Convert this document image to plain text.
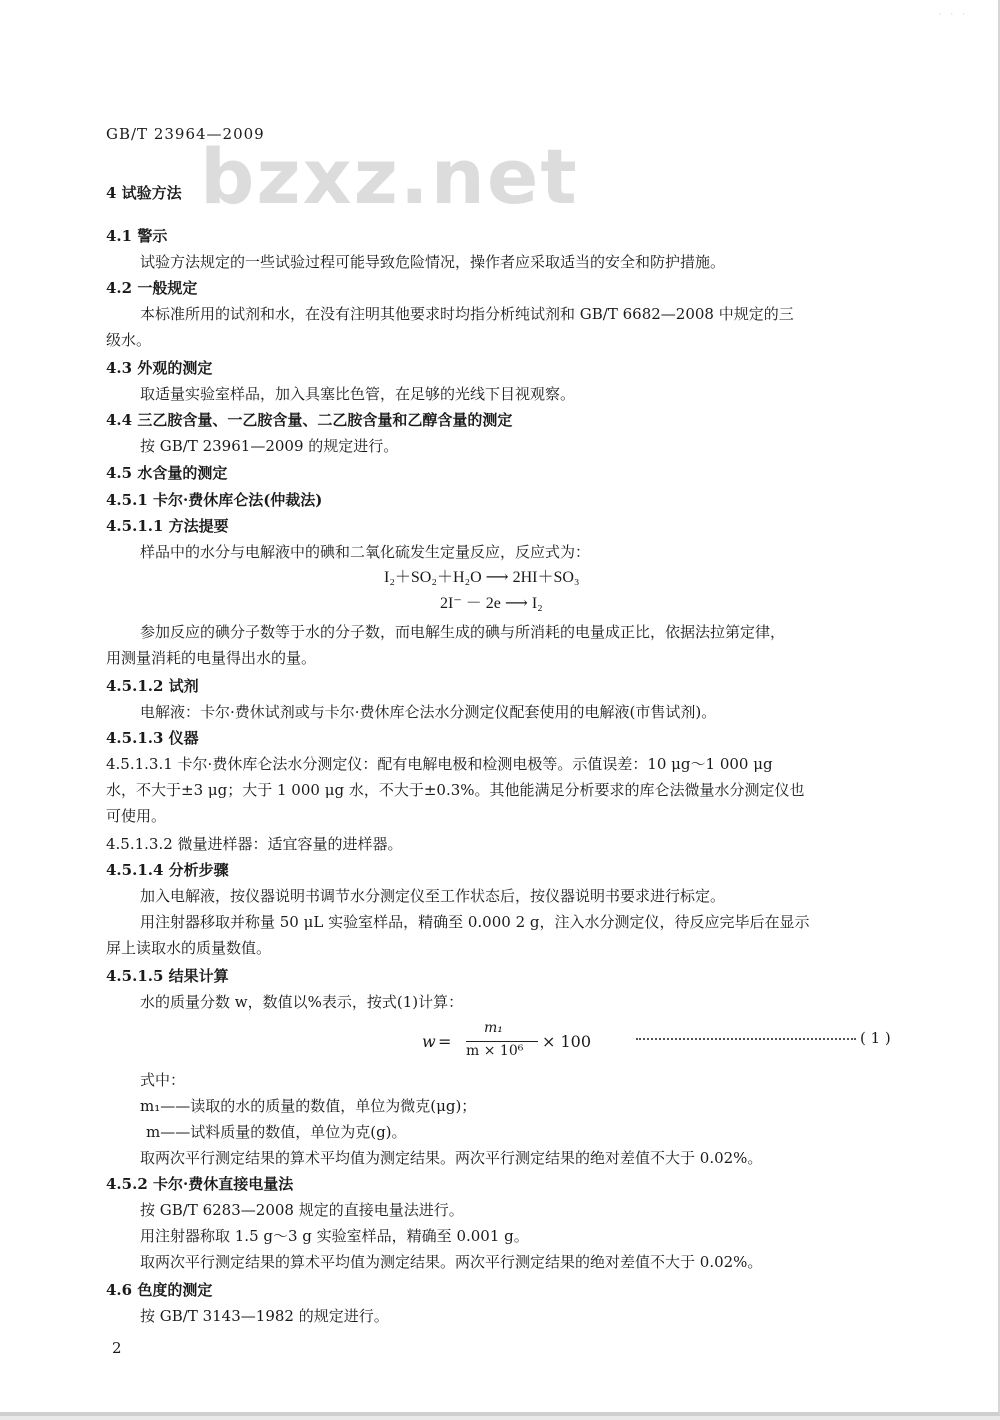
· · ·
bzxz.net
GB/T 23964—2009
4 试验方法
4.1 警示
试验方法规定的一些试验过程可能导致危险情况，操作者应采取适当的安全和防护措施。
4.2 一般规定
本标准所用的试剂和水，在没有注明其他要求时均指分析纯试剂和 GB/T 6682—2008 中规定的三
级水。
4.3 外观的测定
取适量实验室样品，加入具塞比色管，在足够的光线下目视观察。
4.4 三乙胺含量、一乙胺含量、二乙胺含量和乙醇含量的测定
按 GB/T 23961—2009 的规定进行。
4.5 水含量的测定
4.5.1 卡尔·费休库仑法(仲裁法)
4.5.1.1 方法提要
样品中的水分与电解液中的碘和二氧化硫发生定量反应，反应式为：
I₂＋SO₂＋H₂O ⟶ 2HI＋SO₃
2I⁻ － 2e ⟶ I₂
参加反应的碘分子数等于水的分子数，而电解生成的碘与所消耗的电量成正比，依据法拉第定律，
用测量消耗的电量得出水的量。
4.5.1.2 试剂
电解液：卡尔·费休试剂或与卡尔·费休库仑法水分测定仪配套使用的电解液(市售试剂)。
4.5.1.3 仪器
4.5.1.3.1 卡尔·费休库仑法水分测定仪：配有电解电极和检测电极等。示值误差：10 μg～1 000 μg
水，不大于±3 μg；大于 1 000 μg 水，不大于±0.3%。其他能满足分析要求的库仑法微量水分测定仪也
可使用。
4.5.1.3.2 微量进样器：适宜容量的进样器。
4.5.1.4 分析步骤
加入电解液，按仪器说明书调节水分测定仪至工作状态后，按仪器说明书要求进行标定。
用注射器移取并称量 50 μL 实验室样品，精确至 0.000 2 g，注入水分测定仪，待反应完毕后在显示
屏上读取水的质量数值。
4.5.1.5 结果计算
水的质量分数 w，数值以%表示，按式(1)计算：
w =
m₁
m × 10⁶ × 100	( 1 )
式中：
m₁——读取的水的质量的数值，单位为微克(μg)；
m——试料质量的数值，单位为克(g)。
取两次平行测定结果的算术平均值为测定结果。两次平行测定结果的绝对差值不大于 0.02%。
4.5.2 卡尔·费休直接电量法
按 GB/T 6283—2008 规定的直接电量法进行。
用注射器称取 1.5 g～3 g 实验室样品，精确至 0.001 g。
取两次平行测定结果的算术平均值为测定结果。两次平行测定结果的绝对差值不大于 0.02%。
4.6 色度的测定
按 GB/T 3143—1982 的规定进行。
2
